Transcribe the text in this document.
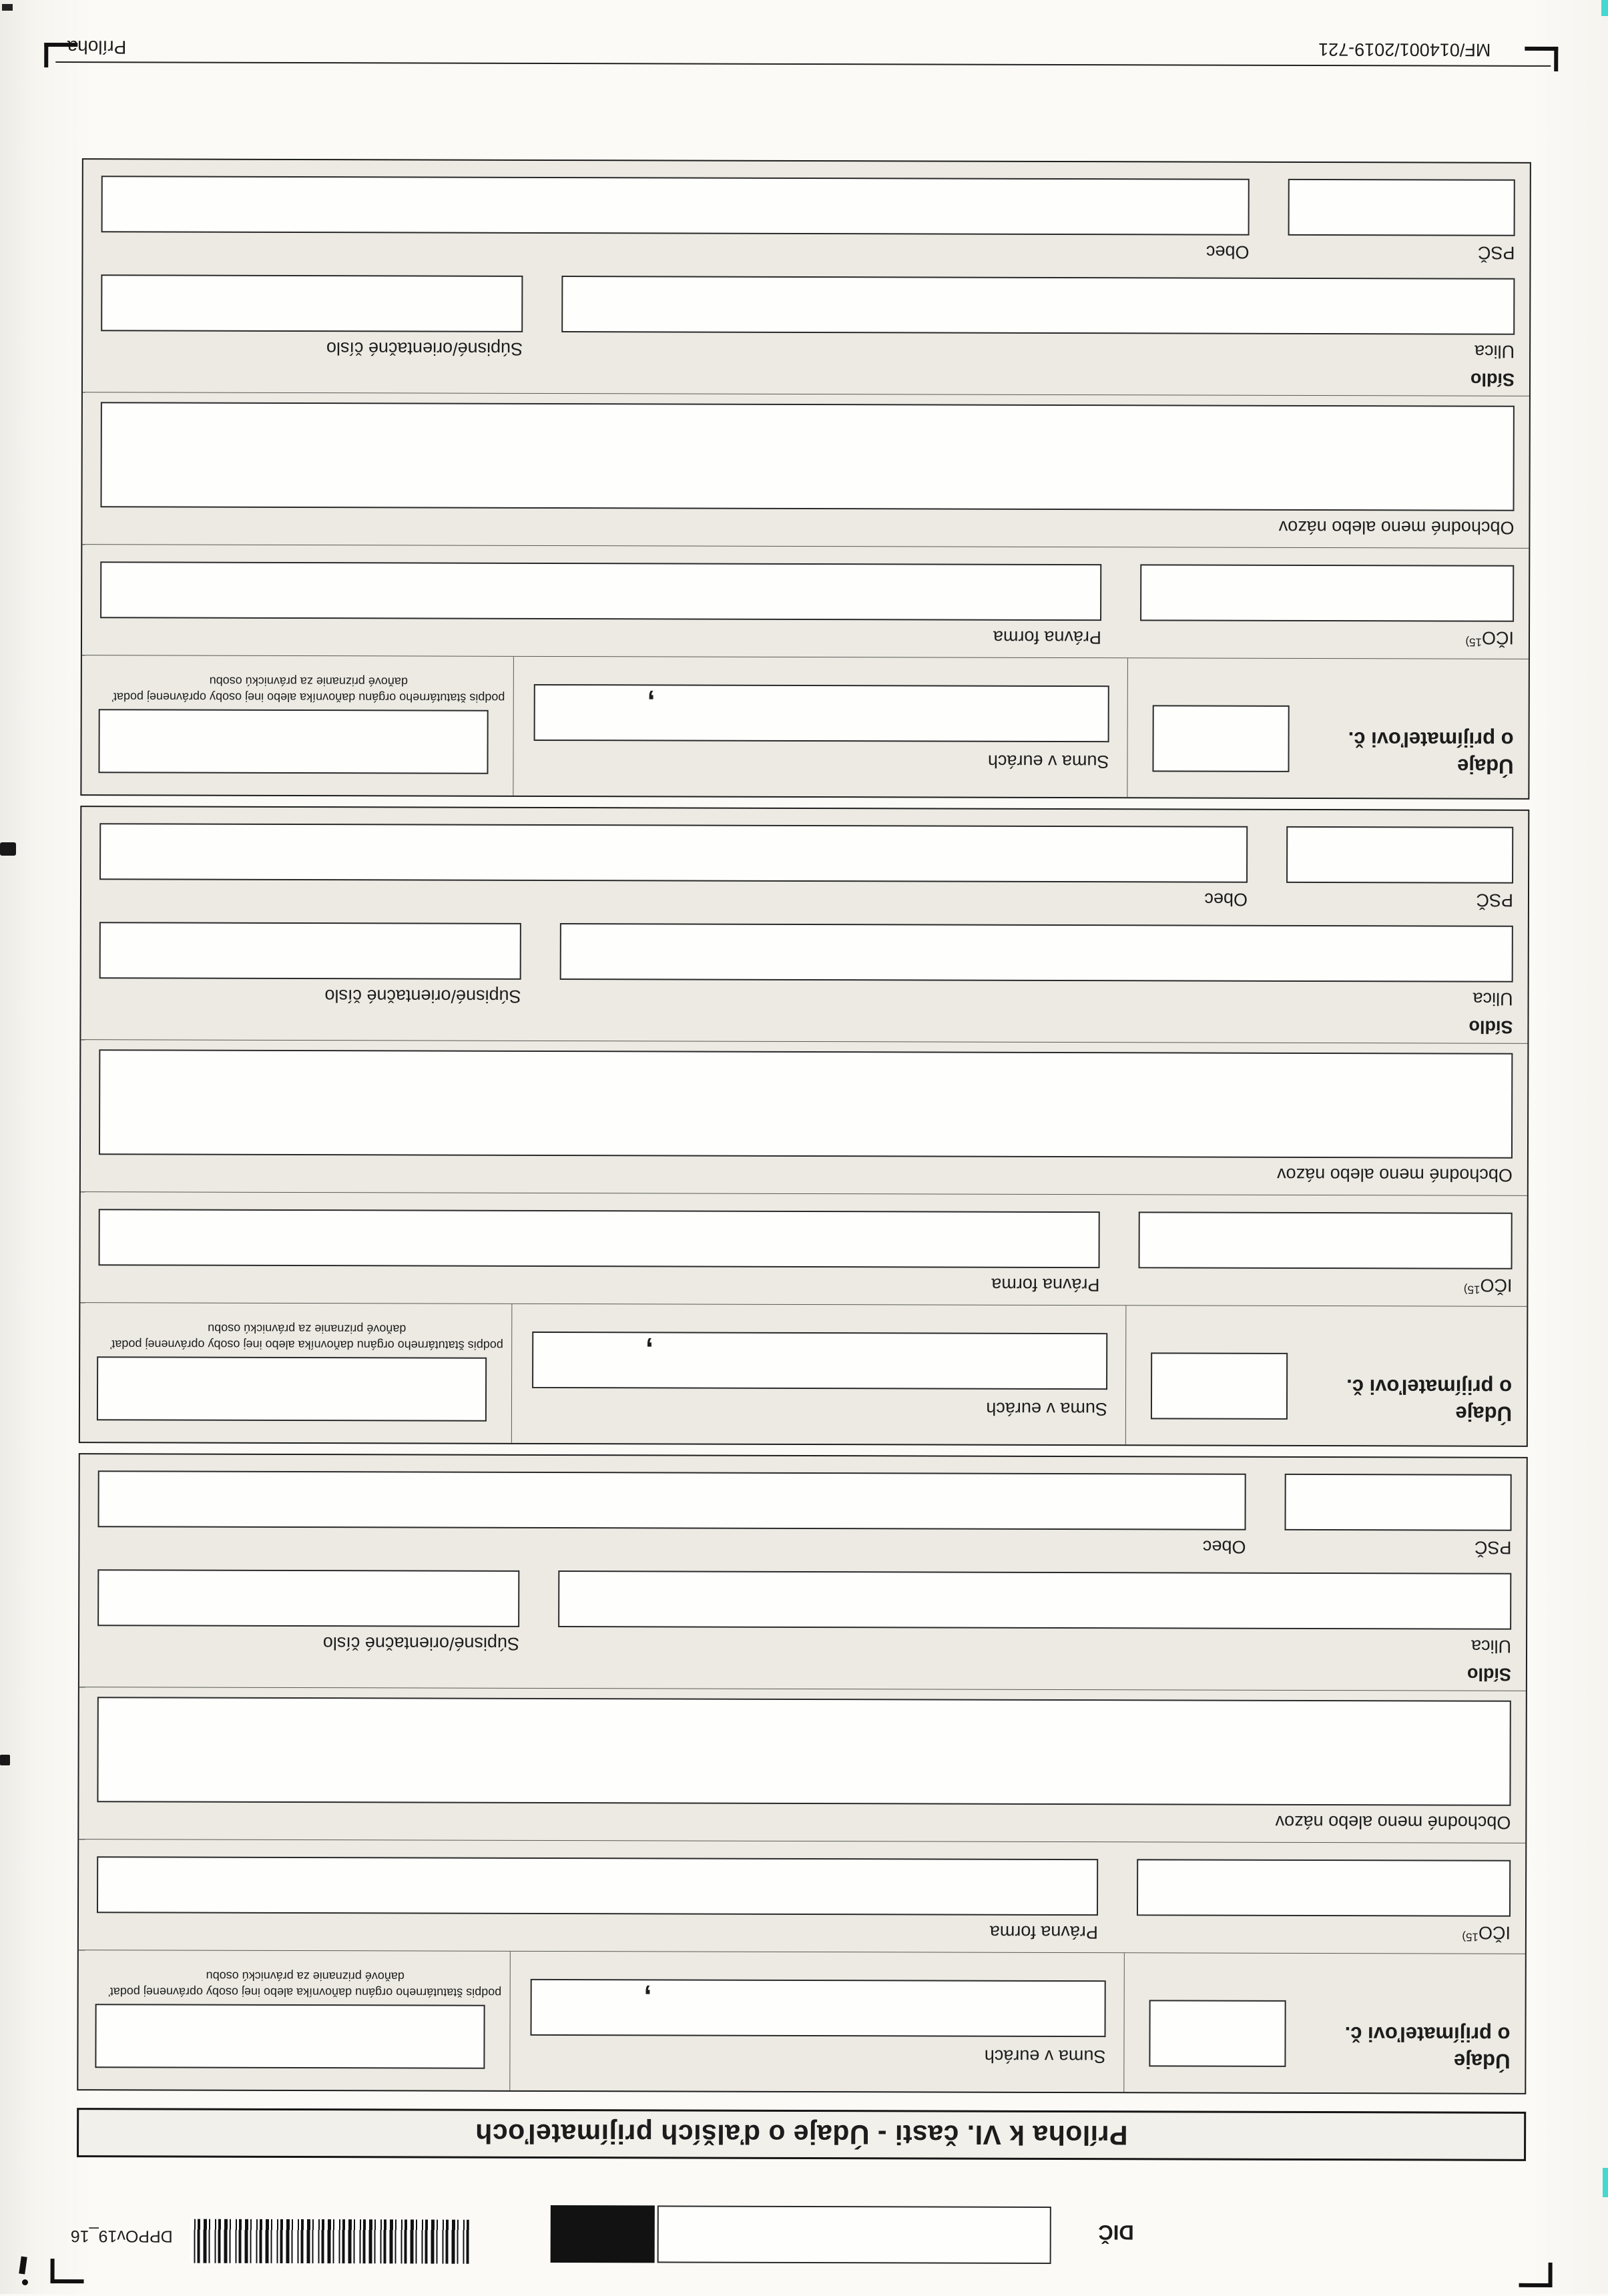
DIČ
DPPOv19_16
Príloha k VI. časti - Údaje o ďalších prijímateľoch
Údaje
o prijímateľovi č.
Suma v eurách
,
podpis štatutárneho orgánu daňovníka alebo inej osoby oprávnenej podať
daňové priznanie za právnickú osobu
IČO$^{15)}$
Právna forma
Obchodné meno alebo názov
Sídlo
Ulica
Súpisné/orientačné číslo
PSČ
Obec
Údaje
o prijímateľovi č.
Suma v eurách
,
podpis štatutárneho orgánu daňovníka alebo inej osoby oprávnenej podať
daňové priznanie za právnickú osobu
IČO$^{15)}$
Právna forma
Obchodné meno alebo názov
Sídlo
Ulica
Súpisné/orientačné číslo
PSČ
Obec
Údaje
o prijímateľovi č.
Suma v eurách
,
podpis štatutárneho orgánu daňovníka alebo inej osoby oprávnenej podať
daňové priznanie za právnickú osobu
IČO$^{15)}$
Právna forma
Obchodné meno alebo názov
Sídlo
Ulica
Súpisné/orientačné číslo
PSČ
Obec
MF/014001/2019-721
Príloha
